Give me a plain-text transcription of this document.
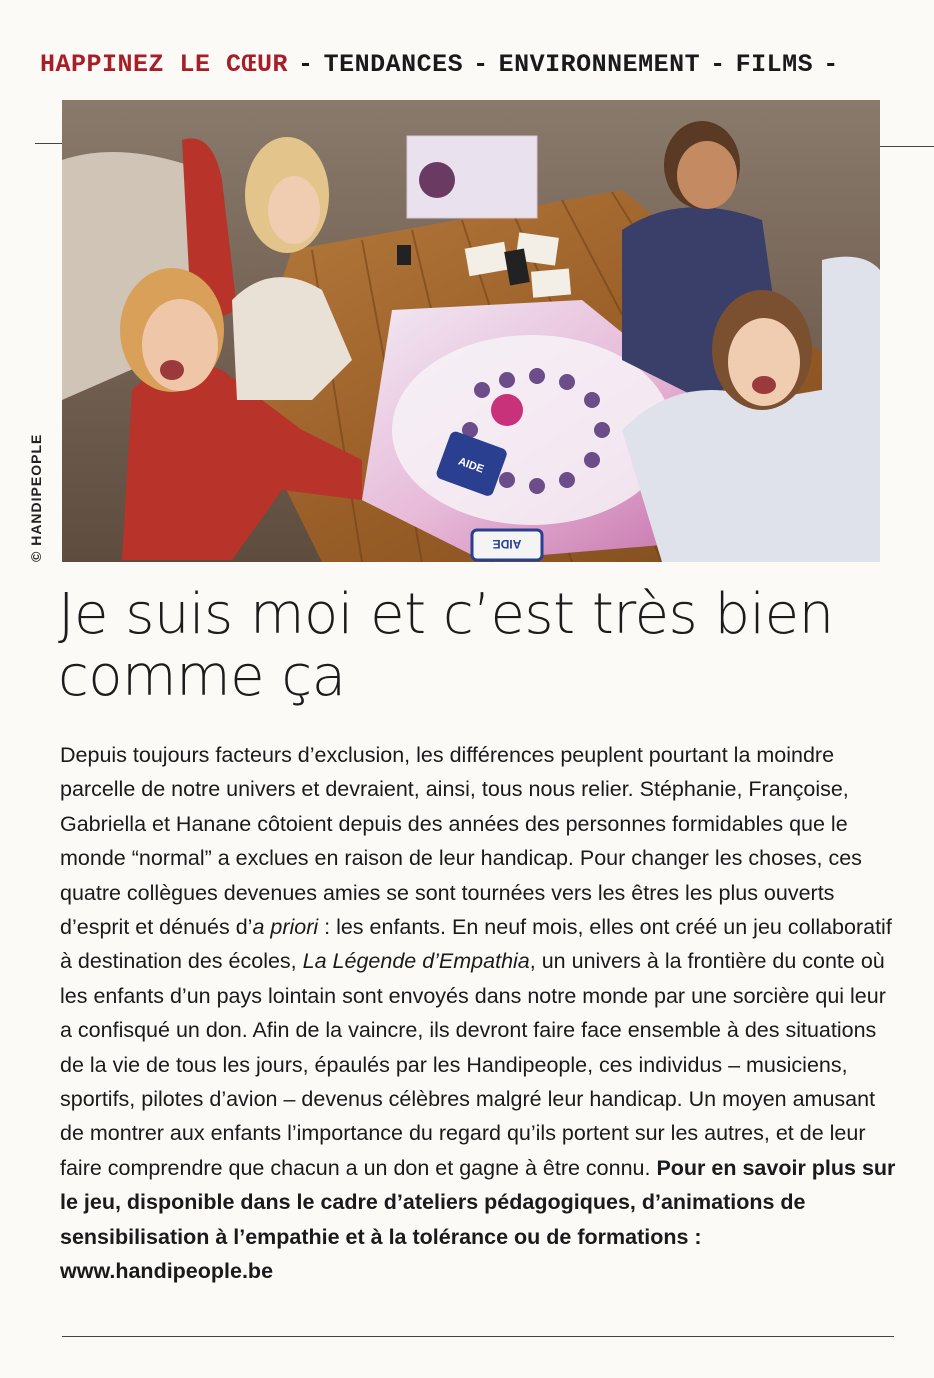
HAPPINEZ LE CŒUR - TENDANCES - ENVIRONNEMENT - FILMS -
AIDE
AIDE
© HANDIPEOPLE
Je suis moi et c’est très bien
comme ça

Depuis toujours facteurs d’exclusion, les différences peuplent pourtant la moindre parcelle de notre univers et devraient, ainsi, tous nous relier. Stéphanie, Françoise, Gabriella et Hanane côtoient depuis des années des personnes formidables que le monde “normal” a exclues en raison de leur handicap. Pour changer les choses, ces quatre collègues devenues amies se sont tournées vers les êtres les plus ouverts d’esprit et dénués d’a priori : les enfants. En neuf mois, elles ont créé un jeu collaboratif à destination des écoles, La Légende d’Empathia, un univers à la frontière du conte où les enfants d’un pays lointain sont envoyés dans notre monde par une sorcière qui leur a confisqué un don. Afin de la vaincre, ils devront faire face ensemble à des situations de la vie de tous les jours, épaulés par les Handipeople, ces individus – musiciens, sportifs, pilotes d’avion – devenus célèbres malgré leur handicap. Un moyen amusant de montrer aux enfants l’importance du regard qu’ils portent sur les autres, et de leur faire comprendre que chacun a un don et gagne à être connu. Pour en savoir plus sur le jeu, disponible dans le cadre d’ateliers pédagogiques, d’animations de sensibilisation à l’empathie et à la tolérance ou de formations : www.handipeople.be
